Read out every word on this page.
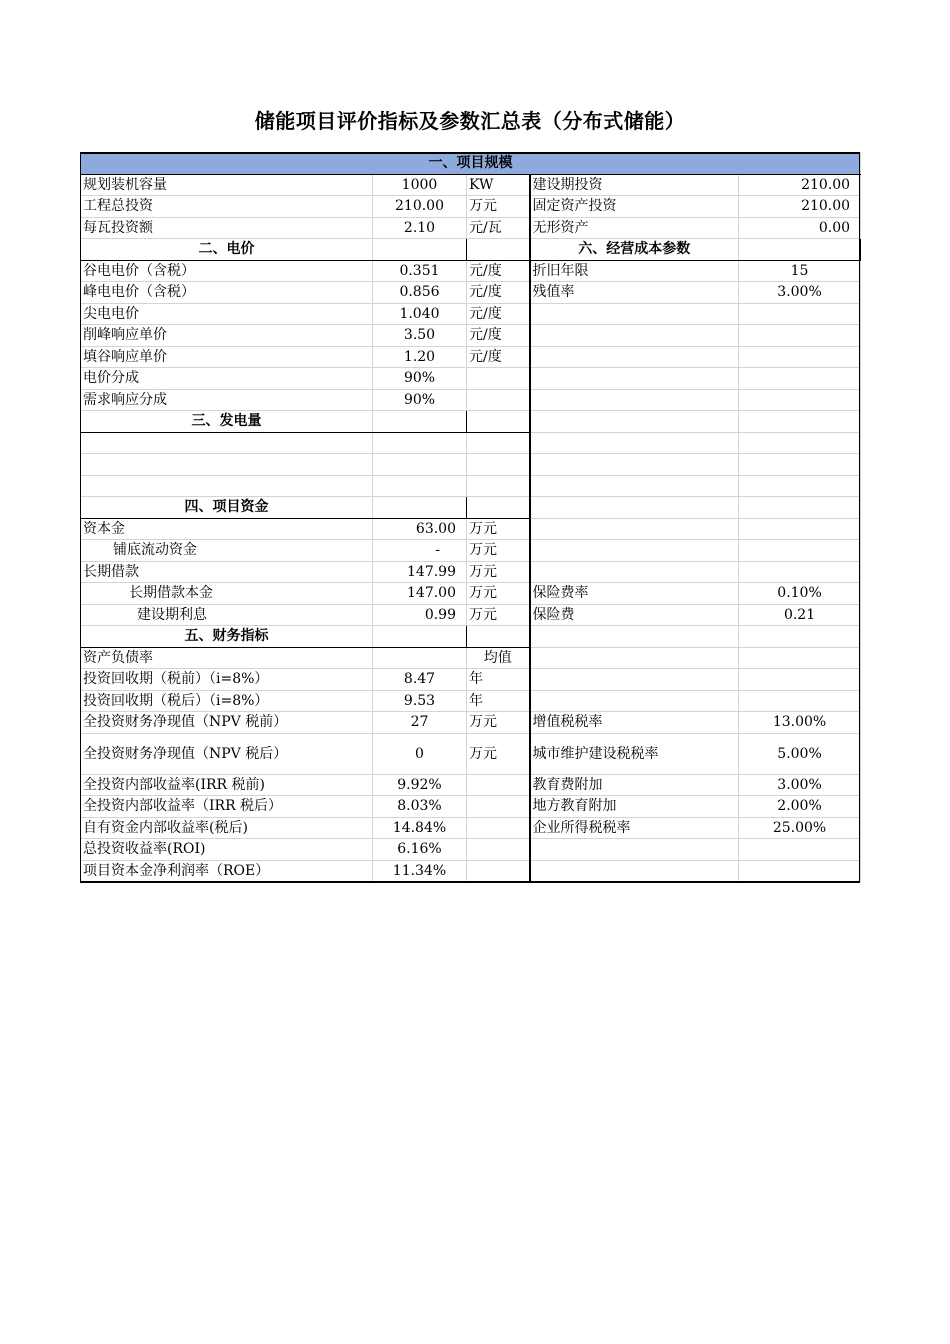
储能项目评价指标及参数汇总表（分布式储能）
一、项目规模				
规划装机容量	1000	KW	建设期投资	210.00
工程总投资	210.00	万元	固定资产投资	210.00
每瓦投资额	2.10	元/瓦	无形资产	0.00
二、电价			六、经营成本参数	
谷电电价（含税）	0.351	元/度	折旧年限	15
峰电电价（含税）	0.856	元/度	残值率	3.00%
尖电电价	1.040	元/度		
削峰响应单价	3.50	元/度		
填谷响应单价	1.20	元/度		
电价分成	90%			
需求响应分成	90%			
三、发电量				

四、项目资金				
资本金	63.00	万元		
铺底流动资金	-	万元		
长期借款	147.99	万元		
长期借款本金	147.00	万元	保险费率	0.10%
建设期利息	0.99	万元	保险费	0.21
五、财务指标				
资产负债率		均值		
投资回收期（税前）（i=8%）	8.47	年		
投资回收期（税后）（i=8%）	9.53	年		
全投资财务净现值（NPV 税前）	27	万元	增值税税率	13.00%
全投资财务净现值（NPV 税后）	0	万元	城市维护建设税税率	5.00%
全投资内部收益率(IRR 税前)	9.92%		教育费附加	3.00%
全投资内部收益率（IRR 税后）	8.03%		地方教育附加	2.00%
自有资金内部收益率(税后)	14.84%		企业所得税税率	25.00%
总投资收益率(ROI)	6.16%			
项目资本金净利润率（ROE）	11.34%			
